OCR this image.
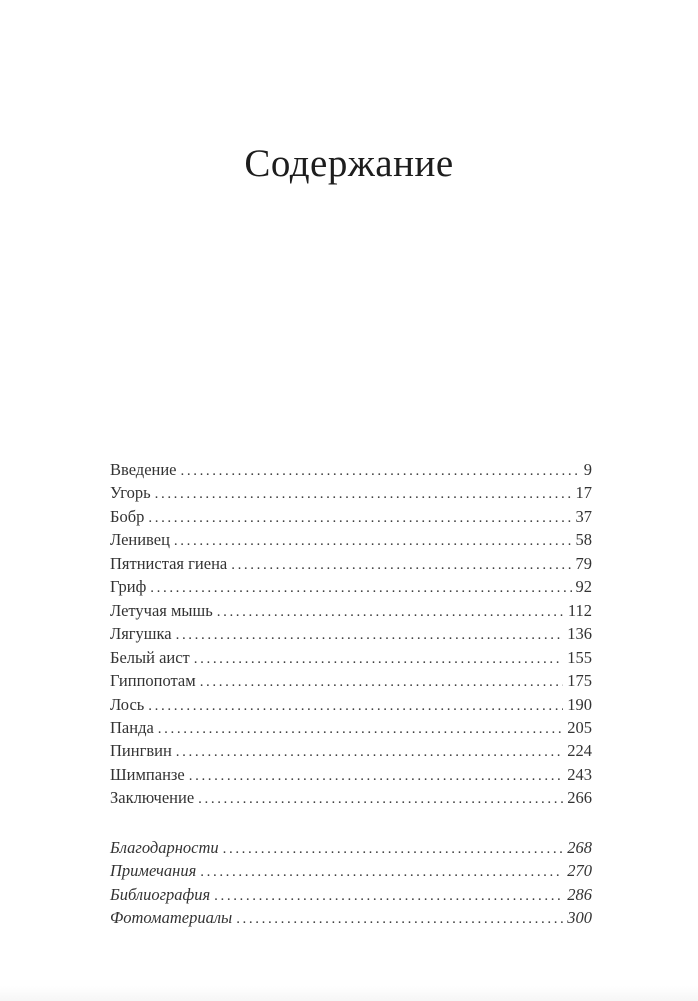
Содержание
Введение .....	9
Угорь .....	17
Бобр .....	37
Ленивец .....	58
Пятнистая гиена .....	79
Гриф .....	92
Летучая мышь .....	112
Лягушка .....	136
Белый аист .....	155
Гиппопотам .....	175
Лось .....	190
Панда .....	205
Пингвин .....	224
Шимпанзе .....	243
Заключение .....	266
Благодарности .....	268
Примечания .....	270
Библиография .....	286
Фотоматериалы .....	300
